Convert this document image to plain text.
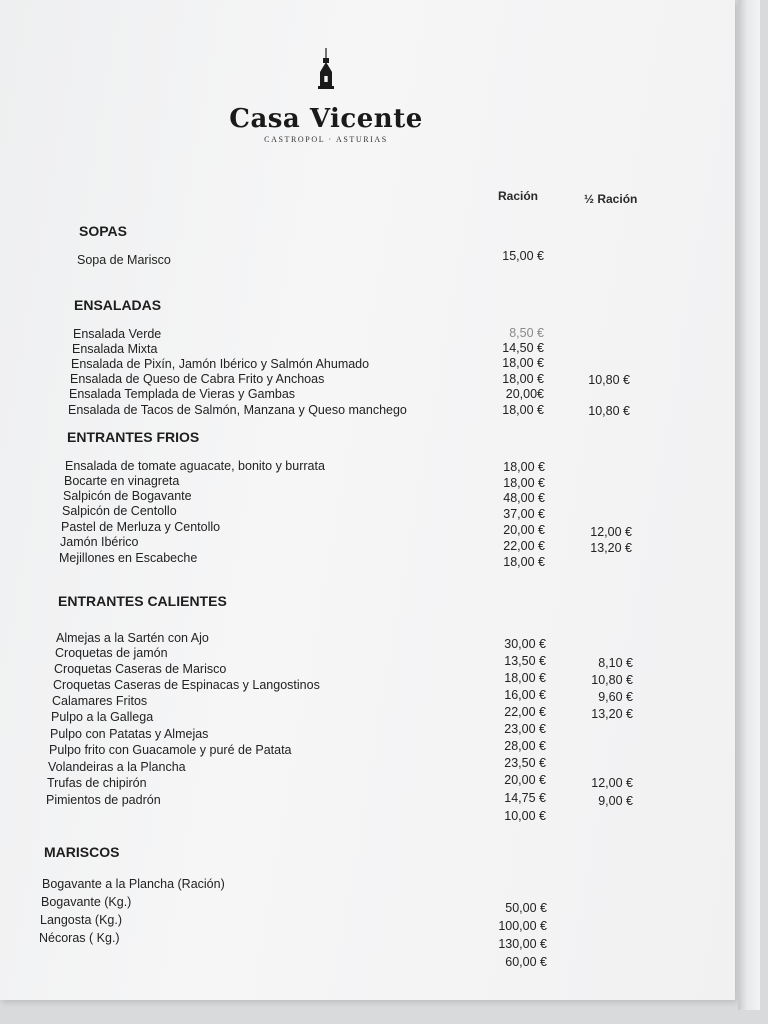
Casa Vicente
CASTROPOL · ASTURIAS
Ración	½ Ración
SOPAS
Sopa de Marisco	15,00 €
ENSALADAS
Ensalada Verde
Ensalada Mixta
Ensalada de Pixín, Jamón Ibérico y Salmón Ahumado
Ensalada de Queso de Cabra Frito y Anchoas
Ensalada Templada de Vieras y Gambas
Ensalada de Tacos de Salmón, Manzana y Queso manchego
8,50 €
14,50 €
18,00 €
18,00 €
20,00€
18,00 €
10,80 €
10,80 €
ENTRANTES FRIOS
Ensalada de tomate aguacate, bonito y burrata
Bocarte en vinagreta
Salpicón de Bogavante
Salpicón de Centollo
Pastel de Merluza y Centollo
Jamón Ibérico
Mejillones en Escabeche
18,00 €
18,00 €
48,00 €
37,00 €
20,00 €
22,00 €
18,00 €
12,00 €
13,20 €
ENTRANTES CALIENTES
Almejas a la Sartén con Ajo
Croquetas de jamón
Croquetas Caseras de Marisco
Croquetas Caseras de Espinacas y Langostinos
Calamares Fritos
Pulpo a la Gallega
Pulpo con Patatas y Almejas
Pulpo frito con Guacamole y puré de Patata
Volandeiras a la Plancha
Trufas de chipirón
Pimientos de padrón
30,00 €
13,50 €
18,00 €
16,00 €
22,00 €
23,00 €
28,00 €
23,50 €
20,00 €
14,75 €
10,00 €
8,10 €
10,80 €
9,60 €
13,20 €
12,00 €
9,00 €
MARISCOS
Bogavante a la Plancha (Ración)
Bogavante (Kg.)
Langosta (Kg.)
Nécoras ( Kg.)
50,00 €
100,00 €
130,00 €
60,00 €
